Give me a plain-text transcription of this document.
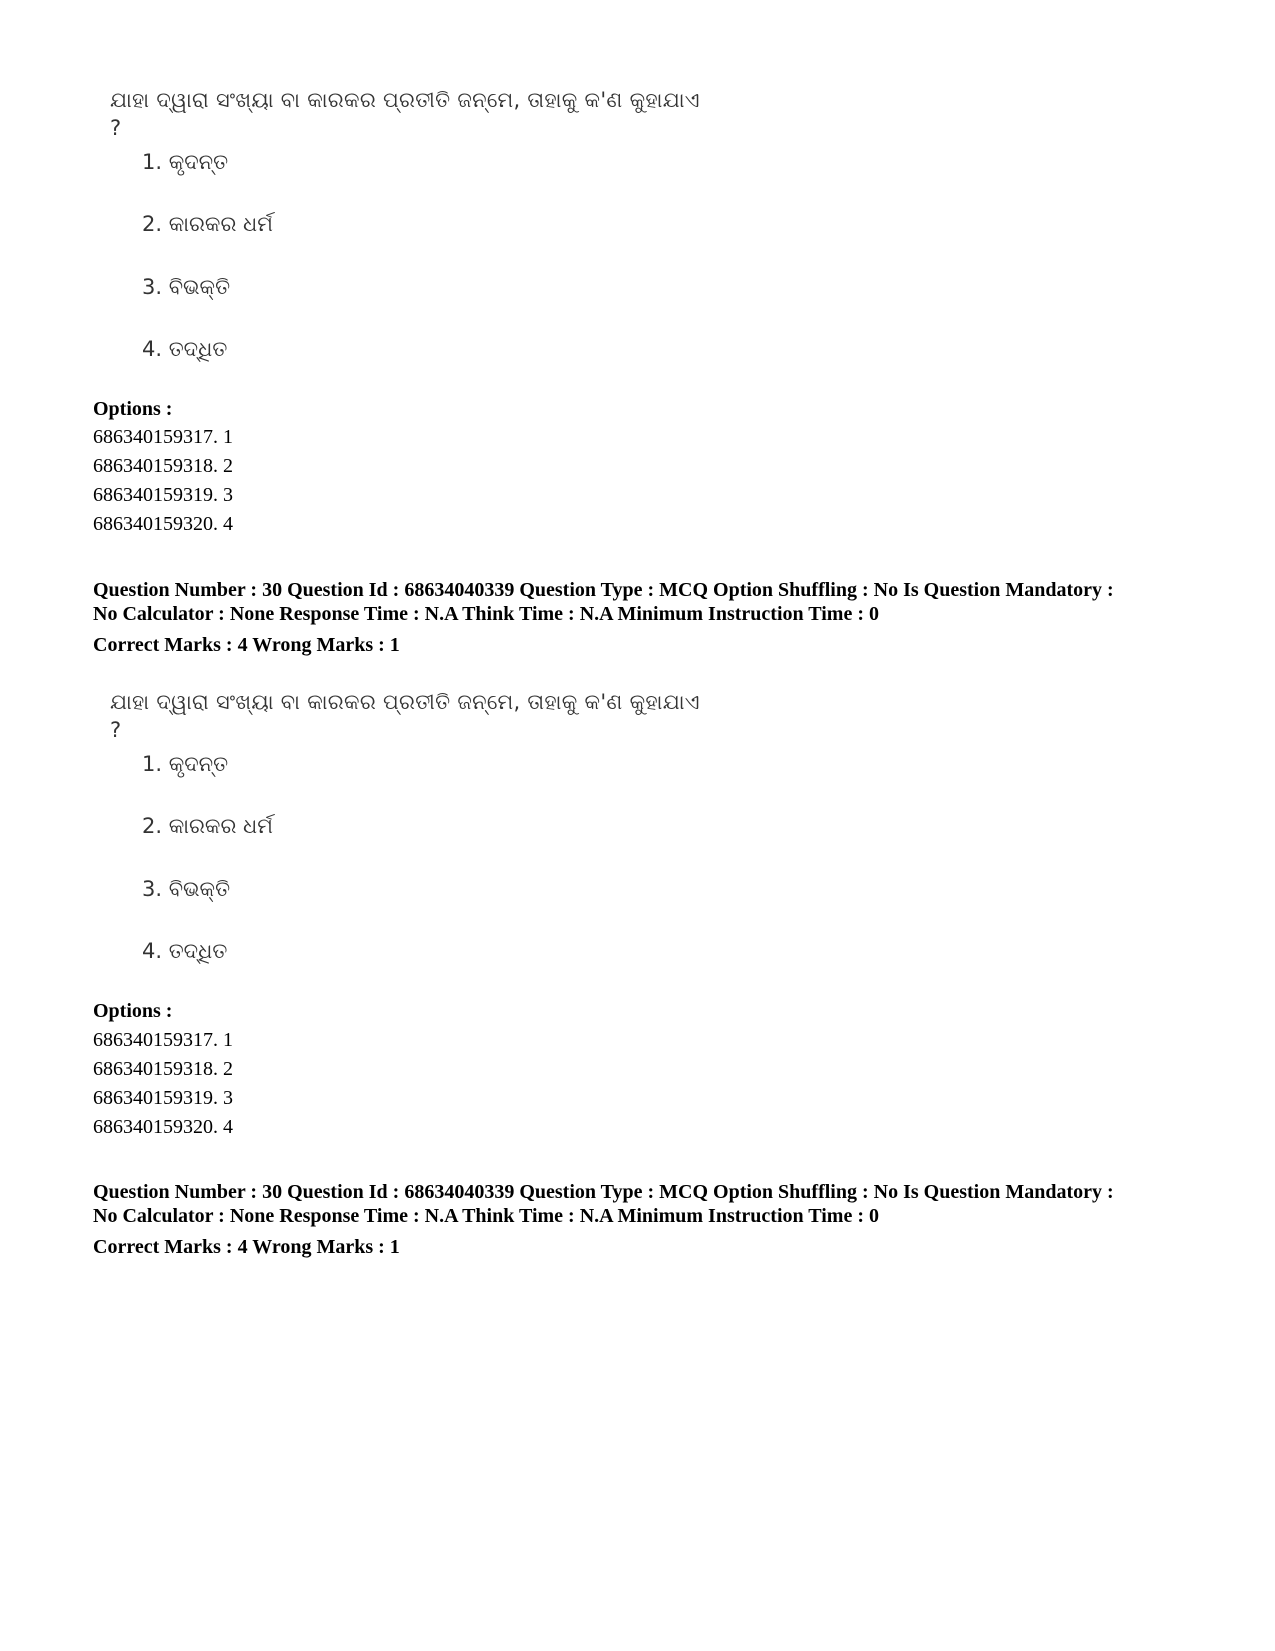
ଯାହା ଦ୍ୱାରା ସଂଖ୍ୟା ବା କାରକର ପ୍ରତୀତି ଜନ୍ମେ, ତାହାକୁ କ'ଣ କୁହାଯାଏ ?

1. କୃଦନ୍ତ
2. କାରକର ଧର୍ମ
3. ବିଭକ୍ତି
4. ତଦ୍ଧିତ
Options :
686340159317. 1
686340159318. 2
686340159319. 3
686340159320. 4
Question Number : 30 Question Id : 68634040339 Question Type : MCQ Option Shuffling : No Is Question Mandatory :
No Calculator : None Response Time : N.A Think Time : N.A Minimum Instruction Time : 0
Correct Marks : 4 Wrong Marks : 1

ଯାହା ଦ୍ୱାରା ସଂଖ୍ୟା ବା କାରକର ପ୍ରତୀତି ଜନ୍ମେ, ତାହାକୁ କ'ଣ କୁହାଯାଏ ?

1. କୃଦନ୍ତ
2. କାରକର ଧର୍ମ
3. ବିଭକ୍ତି
4. ତଦ୍ଧିତ
Options :
686340159317. 1
686340159318. 2
686340159319. 3
686340159320. 4
Question Number : 30 Question Id : 68634040339 Question Type : MCQ Option Shuffling : No Is Question Mandatory :
No Calculator : None Response Time : N.A Think Time : N.A Minimum Instruction Time : 0
Correct Marks : 4 Wrong Marks : 1
